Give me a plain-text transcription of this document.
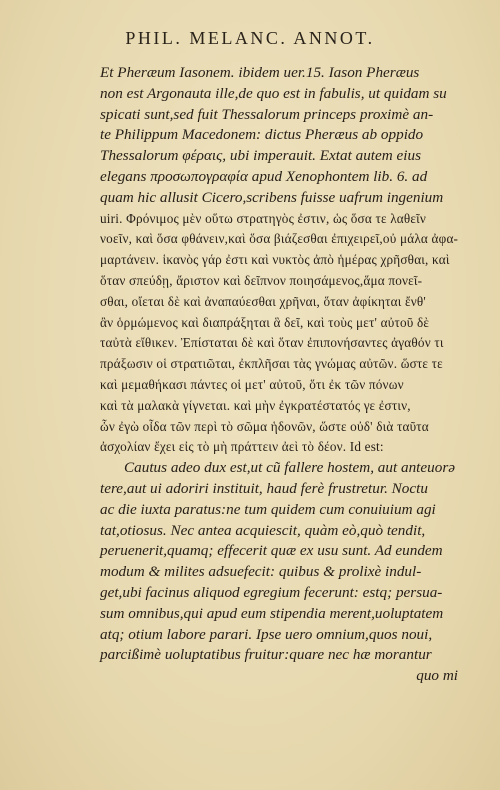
PHIL. MELANC. ANNOT.
Et Pheræum Iasonem. ibidem uer.15. Iason Pheræus
non est Argonauta ille,de quo est in fabulis, ut quidam su
spicati sunt,sed fuit Thessalorum princeps proximè an-
te Philippum Macedonem: dictus Pheræus ab oppido
Thessalorum φέραις, ubi imperauit. Extat autem eius
elegans προσωπογραφία apud Xenophontem lib. 6. ad
quam hic allusit Cicero,scribens fuisse uafrum ingenium
uiri. Φρόνιμος μὲν οὕτω στρατηγὸς ἐστιν, ὡς ὅσα τε λαθεῖν
νοεῖν, καὶ ὅσα φθάνειν,καὶ ὅσα βιάζεσθαι ἐπιχειρεῖ,οὐ μάλα ἀφα-
μαρτάνειν. ἱκανὸς γάρ ἐστι καὶ νυκτὸς ἀπὸ ἡμέρας χρῆσθαι, καὶ
ὅταν σπεύδῃ, ἄριστον καὶ δεῖπνον ποιησάμενος,ἅμα πονεῖ-
σθαι, οἴεται δὲ καὶ ἀναπαύεσθαι χρῆναι, ὅταν ἀφίκηται ἔνθ'
ἂν ὁρμώμενος καὶ διαπράξηται ἃ δεῖ, καὶ τοὺς μετ' αὐτοῦ δὲ
ταὐτὰ εἴθικεν. Ἐπίσταται δὲ καὶ ὅταν ἐπιπονήσαντες ἀγαθόν τι
πράξωσιν οἱ στρατιῶται, ἐκπλῆσαι τὰς γνώμας αὐτῶν. ὥστε τε
καὶ μεμαθήκασι πάντες οἱ μετ' αὐτοῦ, ὅτι ἐκ τῶν πόνων
καὶ τὰ μαλακὰ γίγνεται. καὶ μὴν ἐγκρατέστατός γε ἐστιν,
ὧν ἐγὼ οἶδα τῶν περὶ τὸ σῶμα ἡδονῶν, ὥστε οὐδ' διὰ ταῦτα
ἀσχολίαν ἔχει εἰς τὸ μὴ πράττειν ἀεὶ τὸ δέον. Id est:
Cautus adeo dux est,ut cũ fallere hostem, aut anteuorə
tere,aut ui adoriri instituit, haud ferè frustretur. Noctu
ac die iuxta paratus:ne tum quidem cum conuiuium agi
tat,otiosus. Nec antea acquiescit, quàm eò,quò tendit,
peruenerit,quamq; effecerit quæ ex usu sunt. Ad eundem
modum & milites adsuefecit: quibus & prolixè indul-
get,ubi facinus aliquod egregium fecerunt: estq; persua-
sum omnibus,qui apud eum stipendia merent,uoluptatem
atq; otium labore parari. Ipse uero omnium,quos noui,
parcißimè uoluptatibus fruitur:quare nec hæ morantur
quo mi
